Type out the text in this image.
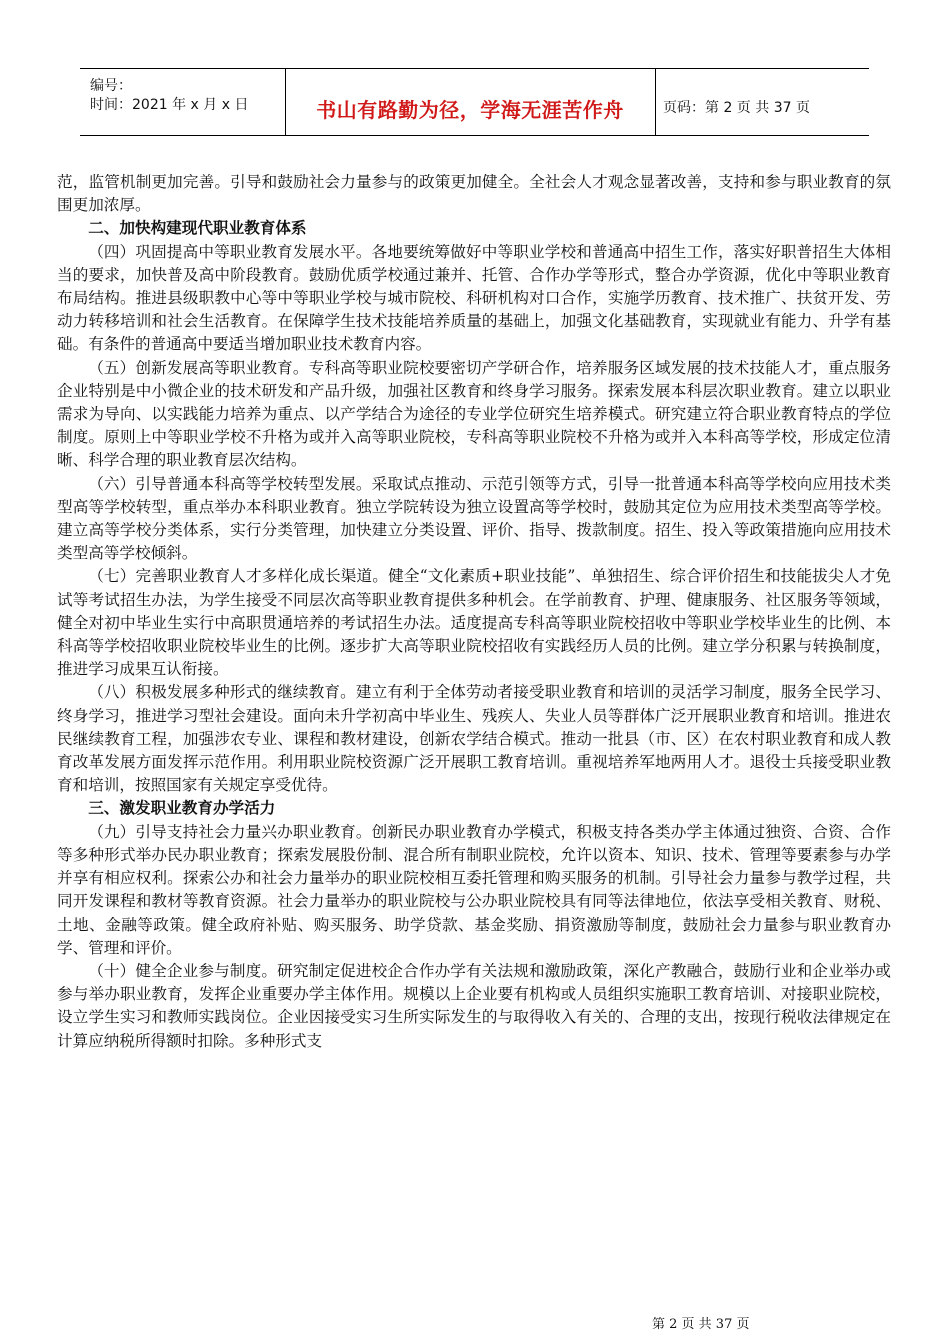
编号：
时间：2021 年 x 月 x 日	书山有路勤为径，学海无涯苦作舟	页码：第 2 页 共 37 页

范，监管机制更加完善。引导和鼓励社会力量参与的政策更加健全。全社会人才观念显著改善，支持和参与职业教育的氛围更加浓厚。

二、加快构建现代职业教育体系

（四）巩固提高中等职业教育发展水平。各地要统筹做好中等职业学校和普通高中招生工作，落实好职普招生大体相当的要求，加快普及高中阶段教育。鼓励优质学校通过兼并、托管、合作办学等形式，整合办学资源，优化中等职业教育布局结构。推进县级职教中心等中等职业学校与城市院校、科研机构对口合作，实施学历教育、技术推广、扶贫开发、劳动力转移培训和社会生活教育。在保障学生技术技能培养质量的基础上，加强文化基础教育，实现就业有能力、升学有基础。有条件的普通高中要适当增加职业技术教育内容。

（五）创新发展高等职业教育。专科高等职业院校要密切产学研合作，培养服务区域发展的技术技能人才，重点服务企业特别是中小微企业的技术研发和产品升级，加强社区教育和终身学习服务。探索发展本科层次职业教育。建立以职业需求为导向、以实践能力培养为重点、以产学结合为途径的专业学位研究生培养模式。研究建立符合职业教育特点的学位制度。原则上中等职业学校不升格为或并入高等职业院校，专科高等职业院校不升格为或并入本科高等学校，形成定位清晰、科学合理的职业教育层次结构。

（六）引导普通本科高等学校转型发展。采取试点推动、示范引领等方式，引导一批普通本科高等学校向应用技术类型高等学校转型，重点举办本科职业教育。独立学院转设为独立设置高等学校时，鼓励其定位为应用技术类型高等学校。建立高等学校分类体系，实行分类管理，加快建立分类设置、评价、指导、拨款制度。招生、投入等政策措施向应用技术类型高等学校倾斜。

（七）完善职业教育人才多样化成长渠道。健全“文化素质+职业技能”、单独招生、综合评价招生和技能拔尖人才免试等考试招生办法，为学生接受不同层次高等职业教育提供多种机会。在学前教育、护理、健康服务、社区服务等领域，健全对初中毕业生实行中高职贯通培养的考试招生办法。适度提高专科高等职业院校招收中等职业学校毕业生的比例、本科高等学校招收职业院校毕业生的比例。逐步扩大高等职业院校招收有实践经历人员的比例。建立学分积累与转换制度，推进学习成果互认衔接。

（八）积极发展多种形式的继续教育。建立有利于全体劳动者接受职业教育和培训的灵活学习制度，服务全民学习、终身学习，推进学习型社会建设。面向未升学初高中毕业生、残疾人、失业人员等群体广泛开展职业教育和培训。推进农民继续教育工程，加强涉农专业、课程和教材建设，创新农学结合模式。推动一批县（市、区）在农村职业教育和成人教育改革发展方面发挥示范作用。利用职业院校资源广泛开展职工教育培训。重视培养军地两用人才。退役士兵接受职业教育和培训，按照国家有关规定享受优待。

三、激发职业教育办学活力

（九）引导支持社会力量兴办职业教育。创新民办职业教育办学模式，积极支持各类办学主体通过独资、合资、合作等多种形式举办民办职业教育；探索发展股份制、混合所有制职业院校，允许以资本、知识、技术、管理等要素参与办学并享有相应权利。探索公办和社会力量举办的职业院校相互委托管理和购买服务的机制。引导社会力量参与教学过程，共同开发课程和教材等教育资源。社会力量举办的职业院校与公办职业院校具有同等法律地位，依法享受相关教育、财税、土地、金融等政策。健全政府补贴、购买服务、助学贷款、基金奖励、捐资激励等制度，鼓励社会力量参与职业教育办学、管理和评价。

（十）健全企业参与制度。研究制定促进校企合作办学有关法规和激励政策，深化产教融合，鼓励行业和企业举办或参与举办职业教育，发挥企业重要办学主体作用。规模以上企业要有机构或人员组织实施职工教育培训、对接职业院校，设立学生实习和教师实践岗位。企业因接受实习生所实际发生的与取得收入有关的、合理的支出，按现行税收法律规定在计算应纳税所得额时扣除。多种形式支

第 2 页 共 37 页
